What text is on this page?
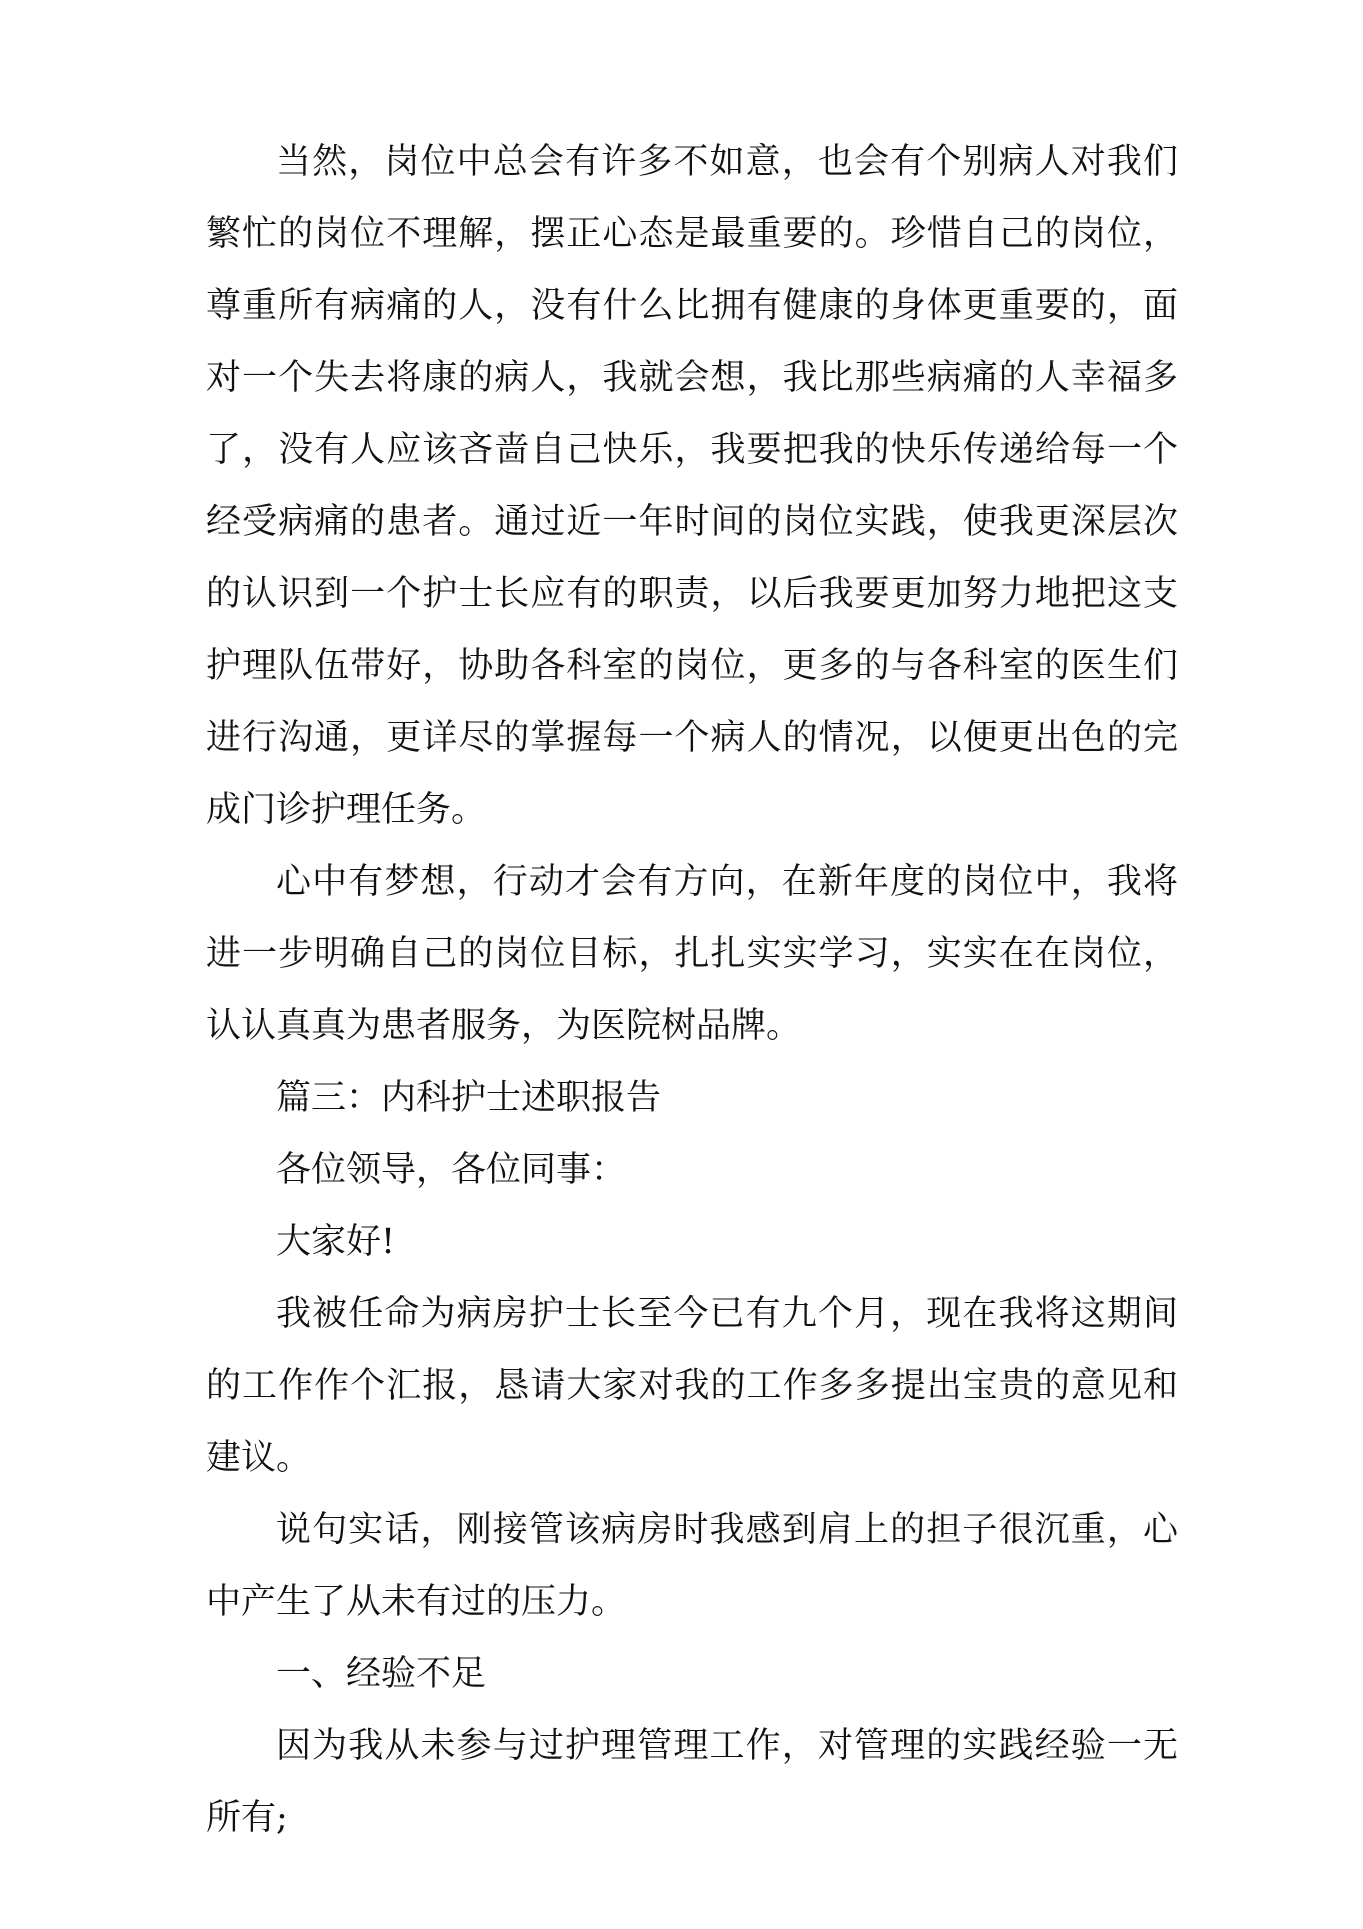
当然，岗位中总会有许多不如意，也会有个别病人对我们繁忙的岗位不理解，摆正心态是最重要的。珍惜自己的岗位，尊重所有病痛的人，没有什么比拥有健康的身体更重要的，面对一个失去将康的病人，我就会想，我比那些病痛的人幸福多了，没有人应该吝啬自己快乐，我要把我的快乐传递给每一个经受病痛的患者。通过近一年时间的岗位实践，使我更深层次的认识到一个护士长应有的职责，以后我要更加努力地把这支护理队伍带好，协助各科室的岗位，更多的与各科室的医生们进行沟通，更详尽的掌握每一个病人的情况，以便更出色的完成门诊护理任务。

心中有梦想，行动才会有方向，在新年度的岗位中，我将进一步明确自己的岗位目标，扎扎实实学习，实实在在岗位，认认真真为患者服务，为医院树品牌。

篇三：内科护士述职报告

各位领导，各位同事：

大家好!

我被任命为病房护士长至今已有九个月，现在我将这期间的工作作个汇报，恳请大家对我的工作多多提出宝贵的意见和建议。

说句实话，刚接管该病房时我感到肩上的担子很沉重，心中产生了从未有过的压力。

一、经验不足

因为我从未参与过护理管理工作，对管理的实践经验一无所有;
